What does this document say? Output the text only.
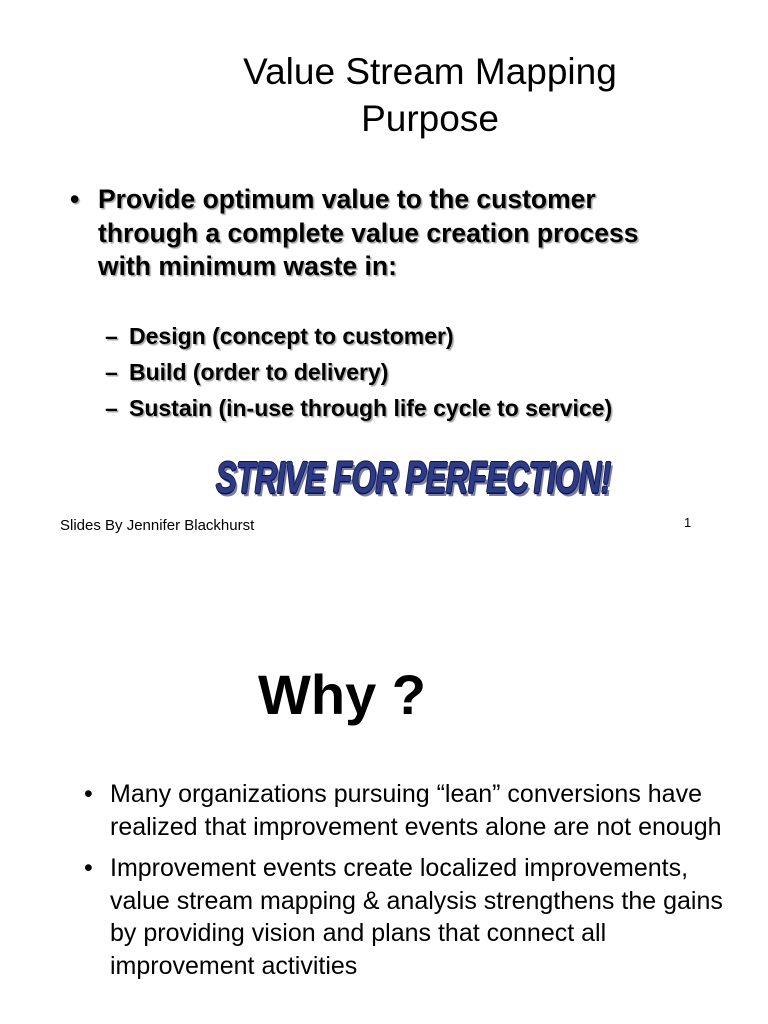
Value Stream Mapping
Purpose
• Provide optimum value to the customer through a complete value creation process with minimum waste in:
– Design (concept to customer)
– Build (order to delivery)
– Sustain (in-use through life cycle to service)
STRIVE FOR PERFECTION!
Slides By Jennifer Blackhurst	1
Why ?
• Many organizations pursuing “lean” conversions have realized that improvement events alone are not enough
• Improvement events create localized improvements, value stream mapping & analysis strengthens the gains by providing vision and plans that connect all improvement activities
